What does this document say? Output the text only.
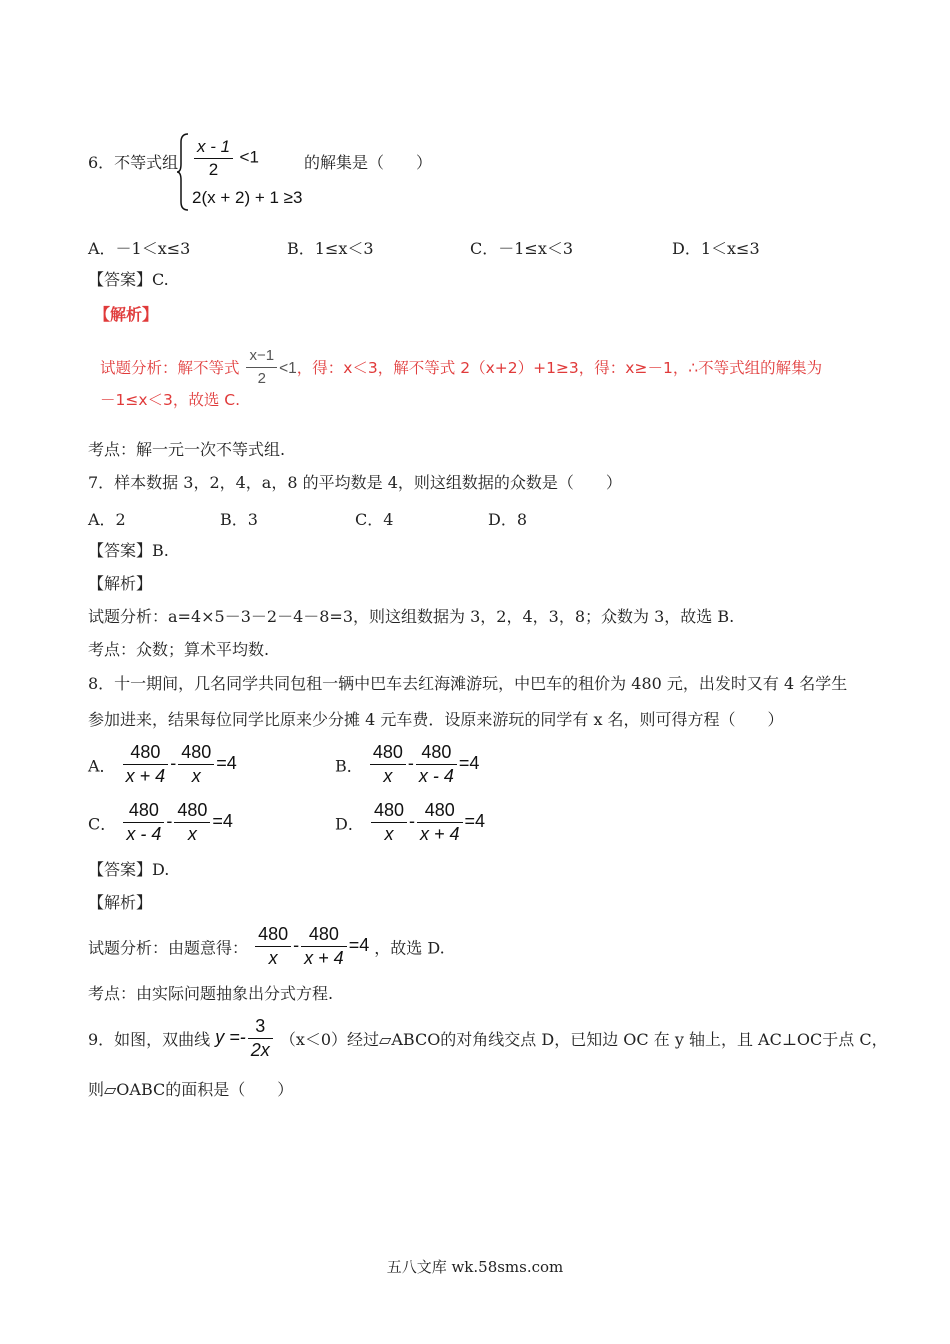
6．不等式组 $\frac{x - 1}{2} <1$
2(x + 2) + 1 ≥3
的解集是（　　）
A．－1＜x≤3	B．1≤x＜3	C．－1≤x＜3	D．1＜x≤3
【答案】C.
【解析】
试题分析：解不等式 $\frac{x-1}{2} <1$，得：x＜3，解不等式 2（x+2）+1≥3，得：x≥－1，∴不等式组的解集为
－1≤x＜3，故选 C.
考点：解一元一次不等式组.
7．样本数据 3，2，4，a，8 的平均数是 4，则这组数据的众数是（　　）
A．2	B．3	C．4	D．8
【答案】B.
【解析】
试题分析：a=4×5－3－2－4－8=3，则这组数据为 3，2，4，3，8；众数为 3，故选 B.
考点：众数；算术平均数.
8．十一期间，几名同学共同包租一辆中巴车去红海滩游玩，中巴车的租价为 480 元，出发时又有 4 名学生
参加进来，结果每位同学比原来少分摊 4 元车费．设原来游玩的同学有 x 名，则可得方程（　　）
A． $\frac{480}{x + 4} - \frac{480}{x} =4$	B． $\frac{480}{x} - \frac{480}{x - 4} =4$
C． $\frac{480}{x - 4} - \frac{480}{x} =4$	D． $\frac{480}{x} - \frac{480}{x + 4} =4$
【答案】D.
【解析】
试题分析：由题意得： $\frac{480}{x} - \frac{480}{x + 4} =4$ ，故选 D.
考点：由实际问题抽象出分式方程.
9．如图，双曲线 $y =- \frac{3}{2x} (x<0)$经过▱ABCO的对角线交点 D，已知边 OC 在 y 轴上，且 AC⊥OC于点 C，
则▱OABC的面积是（　　）
五八文库 wk.58sms.com
